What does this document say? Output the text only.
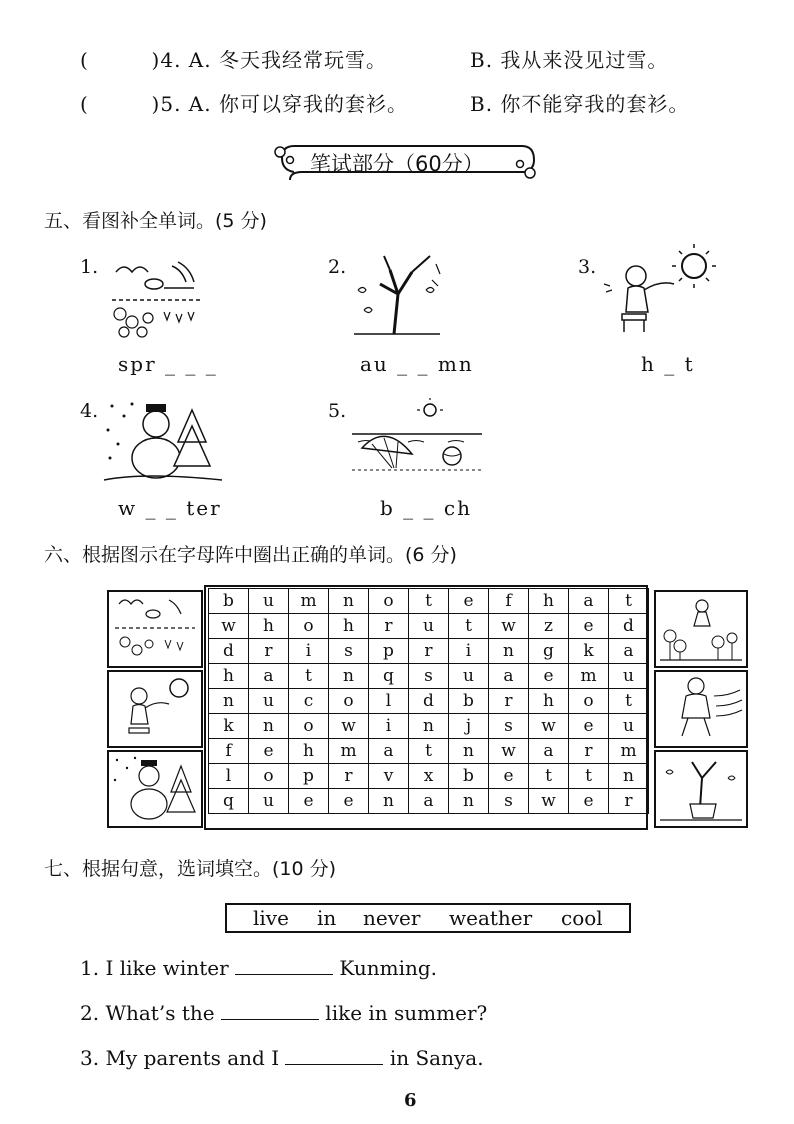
(	)4. A. 冬天我经常玩雪。	B. 我从来没见过雪。
(	)5. A. 你可以穿我的套衫。	B. 你不能穿我的套衫。
笔试部分（60分）
五、看图补全单词。(5 分)
1.
spr _ _ _
2.
au _ _ mn
3.
h _ t
4.
w _ _ ter
5.
b _ _ ch
六、根据图示在字母阵中圈出正确的单词。(6 分)
b	u	m	n	o	t	e	f	h	a	t
w	h	o	h	r	u	t	w	z	e	d
d	r	i	s	p	r	i	n	g	k	a
h	a	t	n	q	s	u	a	e	m	u
n	u	c	o	l	d	b	r	h	o	t
k	n	o	w	i	n	j	s	w	e	u
f	e	h	m	a	t	n	w	a	r	m
l	o	p	r	v	x	b	e	t	t	n
q	u	e	e	n	a	n	s	w	e	r
七、根据句意，选词填空。(10 分)
live in never weather cool
1. I like winter	Kunming.
2. What’s the	like in summer?
3. My parents and I	in Sanya.
6
